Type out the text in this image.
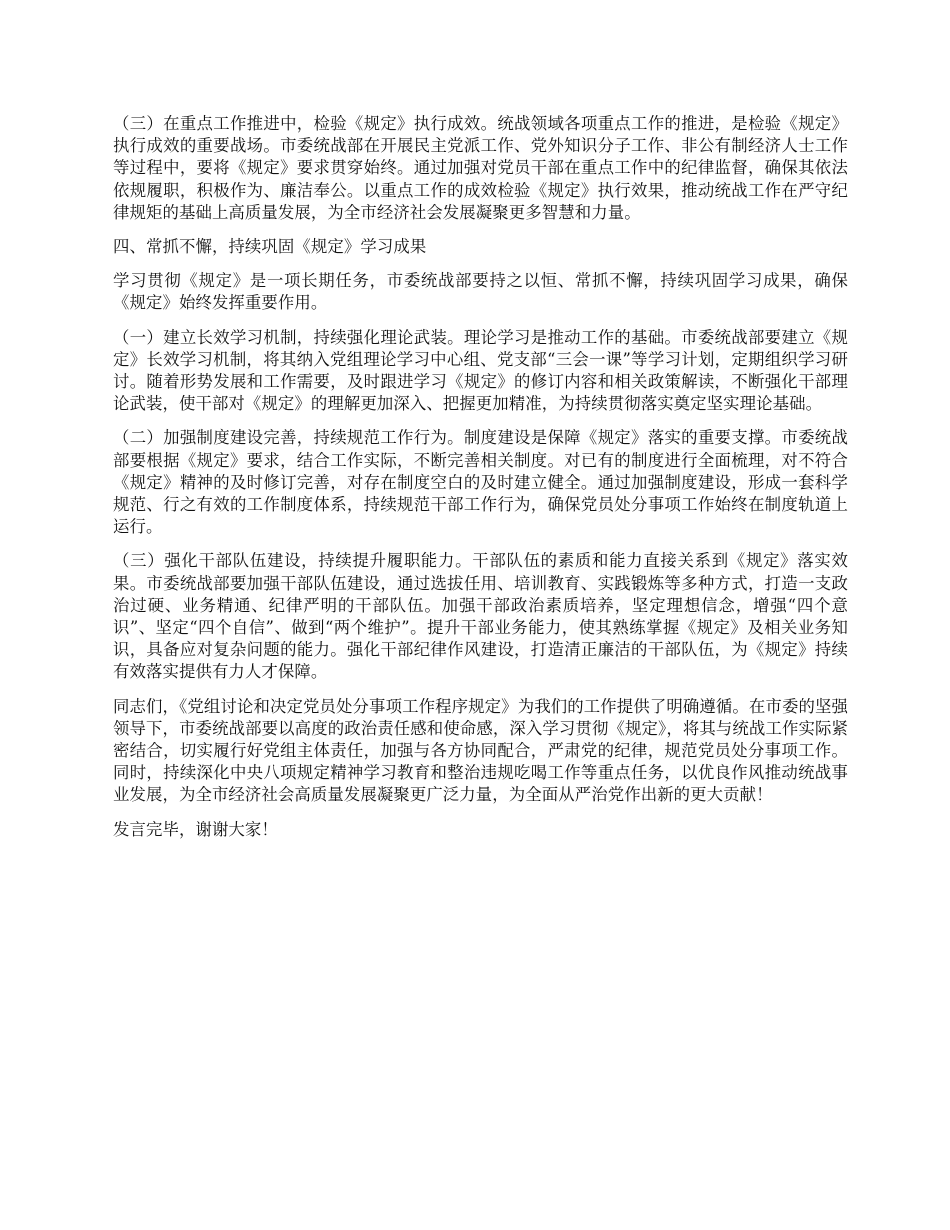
（三）在重点工作推进中，检验《规定》执行成效。统战领域各项重点工作的推进，是检验《规定》执行成效的重要战场。市委统战部在开展民主党派工作、党外知识分子工作、非公有制经济人士工作等过程中，要将《规定》要求贯穿始终。通过加强对党员干部在重点工作中的纪律监督，确保其依法依规履职，积极作为、廉洁奉公。以重点工作的成效检验《规定》执行效果，推动统战工作在严守纪律规矩的基础上高质量发展，为全市经济社会发展凝聚更多智慧和力量。

四、常抓不懈，持续巩固《规定》学习成果

学习贯彻《规定》是一项长期任务，市委统战部要持之以恒、常抓不懈，持续巩固学习成果，确保《规定》始终发挥重要作用。

（一）建立长效学习机制，持续强化理论武装。理论学习是推动工作的基础。市委统战部要建立《规定》长效学习机制，将其纳入党组理论学习中心组、党支部“三会一课”等学习计划，定期组织学习研讨。随着形势发展和工作需要，及时跟进学习《规定》的修订内容和相关政策解读，不断强化干部理论武装，使干部对《规定》的理解更加深入、把握更加精准，为持续贯彻落实奠定坚实理论基础。

（二）加强制度建设完善，持续规范工作行为。制度建设是保障《规定》落实的重要支撑。市委统战部要根据《规定》要求，结合工作实际，不断完善相关制度。对已有的制度进行全面梳理，对不符合《规定》精神的及时修订完善，对存在制度空白的及时建立健全。通过加强制度建设，形成一套科学规范、行之有效的工作制度体系，持续规范干部工作行为，确保党员处分事项工作始终在制度轨道上运行。

（三）强化干部队伍建设，持续提升履职能力。干部队伍的素质和能力直接关系到《规定》落实效果。市委统战部要加强干部队伍建设，通过选拔任用、培训教育、实践锻炼等多种方式，打造一支政治过硬、业务精通、纪律严明的干部队伍。加强干部政治素质培养，坚定理想信念，增强“四个意识”、坚定“四个自信”、做到“两个维护”。提升干部业务能力，使其熟练掌握《规定》及相关业务知识，具备应对复杂问题的能力。强化干部纪律作风建设，打造清正廉洁的干部队伍，为《规定》持续有效落实提供有力人才保障。

同志们，《党组讨论和决定党员处分事项工作程序规定》为我们的工作提供了明确遵循。在市委的坚强领导下，市委统战部要以高度的政治责任感和使命感，深入学习贯彻《规定》，将其与统战工作实际紧密结合，切实履行好党组主体责任，加强与各方协同配合，严肃党的纪律，规范党员处分事项工作。同时，持续深化中央八项规定精神学习教育和整治违规吃喝工作等重点任务，以优良作风推动统战事业发展，为全市经济社会高质量发展凝聚更广泛力量，为全面从严治党作出新的更大贡献！

发言完毕，谢谢大家！
